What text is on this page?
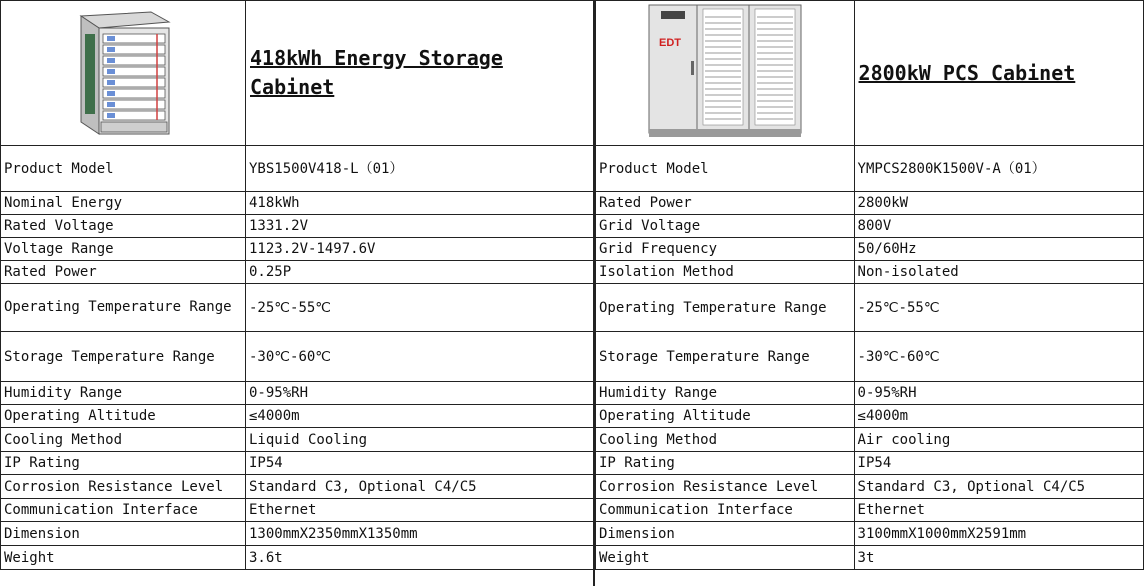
	418kWh Energy Storage Cabinet
Product Model	YBS1500V418-L（01）
Nominal Energy	418kWh
Rated Voltage	1331.2V
Voltage Range	1123.2V-1497.6V
Rated Power	0.25P
Operating Temperature Range	-25℃-55℃
Storage Temperature Range	-30℃-60℃
Humidity Range	0-95%RH
Operating Altitude	≤4000m
Cooling Method	Liquid Cooling
IP Rating	IP54
Corrosion Resistance Level	Standard C3, Optional C4/C5
Communication Interface	Ethernet
Dimension	1300mmX2350mmX1350mm
Weight	3.6t
EDT	2800kW PCS Cabinet
Product Model	YMPCS2800K1500V-A（01）
Rated Power	2800kW
Grid Voltage	800V
Grid Frequency	50/60Hz
Isolation Method	Non-isolated
Operating Temperature Range	-25℃-55℃
Storage Temperature Range	-30℃-60℃
Humidity Range	0-95%RH
Operating Altitude	≤4000m
Cooling Method	Air cooling
IP Rating	IP54
Corrosion Resistance Level	Standard C3, Optional C4/C5
Communication Interface	Ethernet
Dimension	3100mmX1000mmX2591mm
Weight	3t
